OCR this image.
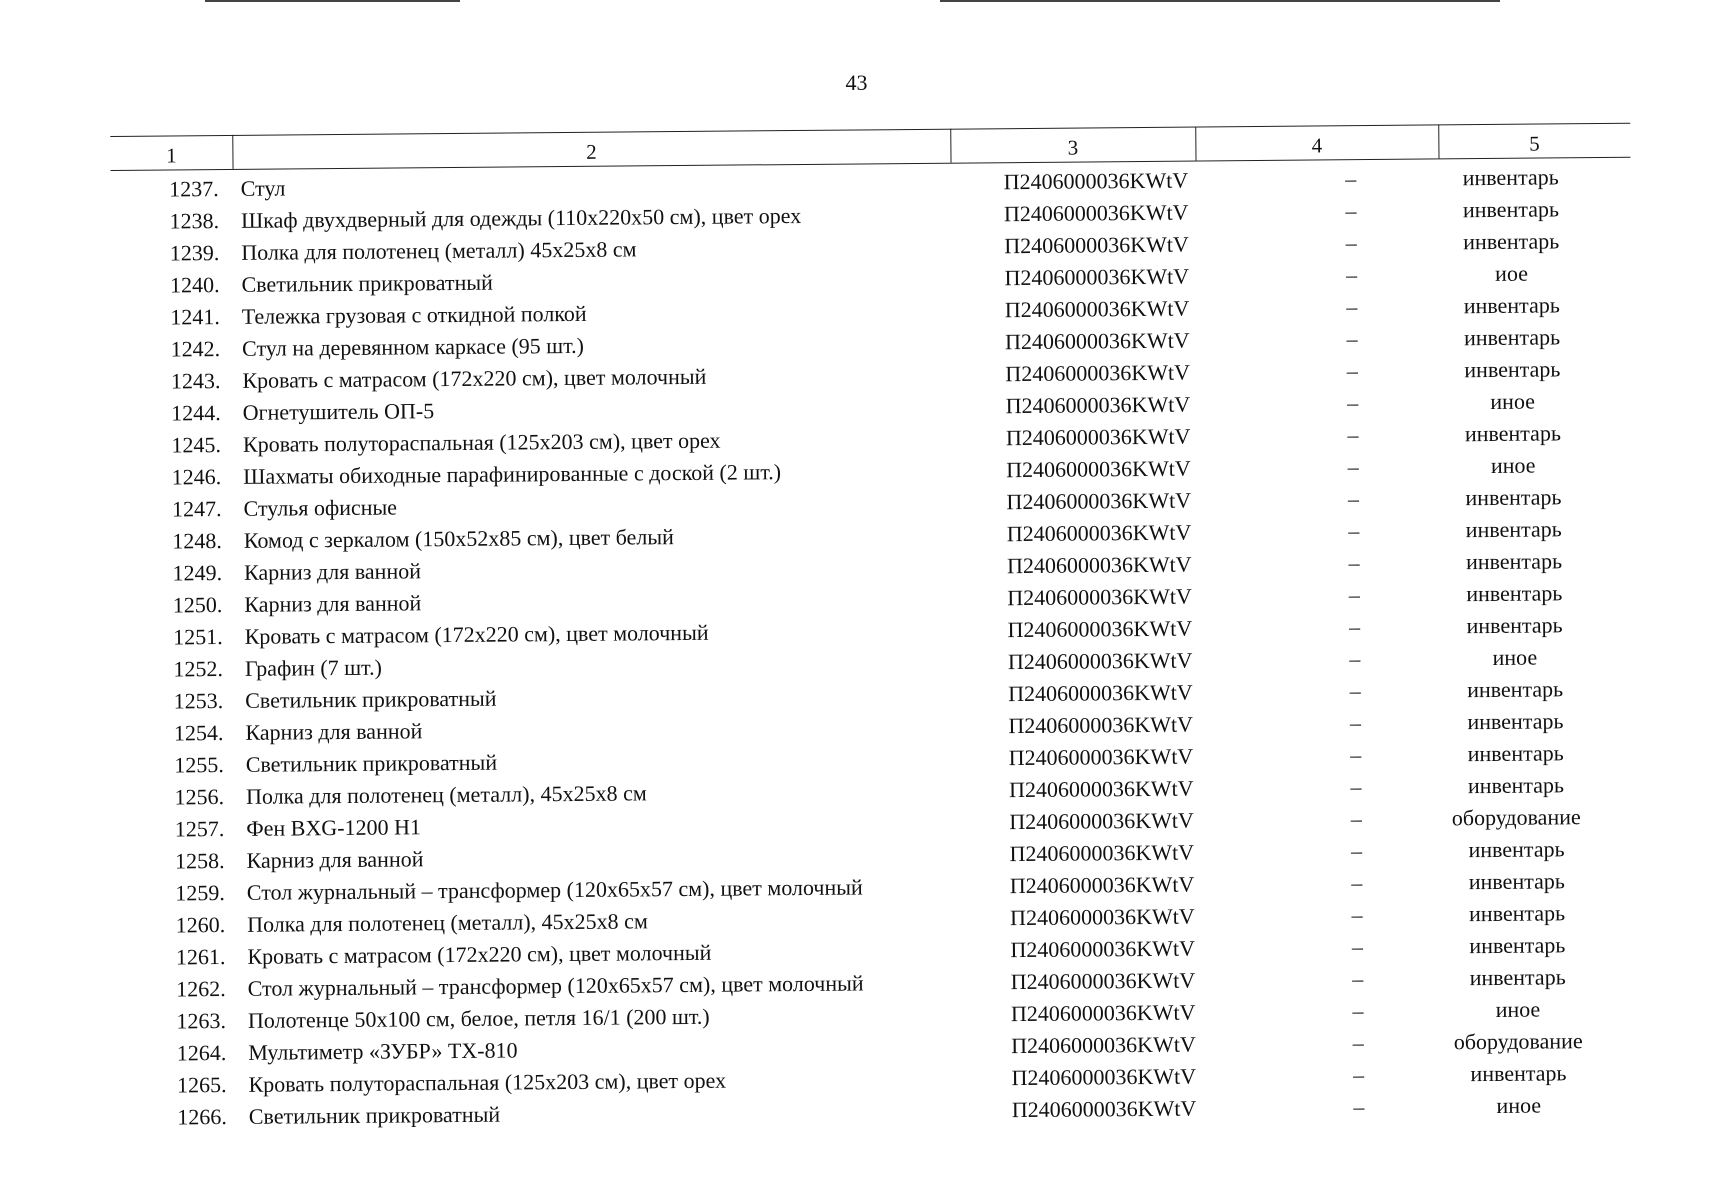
43
1	2	3	4	5
1237. Стул	П2406000036KWtV	–	инвентарь
1238. Шкаф двухдверный для одежды (110х220х50 см), цвет орех	П2406000036KWtV	–	инвентарь
1239. Полка для полотенец (металл) 45х25х8 см	П2406000036KWtV	–	инвентарь
1240. Светильник прикроватный	П2406000036KWtV	–	иое
1241. Тележка грузовая с откидной полкой	П2406000036KWtV	–	инвентарь
1242. Стул на деревянном каркасе (95 шт.)	П2406000036KWtV	–	инвентарь
1243. Кровать с матрасом (172х220 см), цвет молочный	П2406000036KWtV	–	инвентарь
1244. Огнетушитель ОП-5	П2406000036KWtV	–	иное
1245. Кровать полутораспальная (125х203 см), цвет орех	П2406000036KWtV	–	инвентарь
1246. Шахматы обиходные парафинированные с доской (2 шт.)	П2406000036KWtV	–	иное
1247. Стулья офисные	П2406000036KWtV	–	инвентарь
1248. Комод с зеркалом (150х52х85 см), цвет белый	П2406000036KWtV	–	инвентарь
1249. Карниз для ванной	П2406000036KWtV	–	инвентарь
1250. Карниз для ванной	П2406000036KWtV	–	инвентарь
1251. Кровать с матрасом (172х220 см), цвет молочный	П2406000036KWtV	–	инвентарь
1252. Графин (7 шт.)	П2406000036KWtV	–	иное
1253. Светильник прикроватный	П2406000036KWtV	–	инвентарь
1254. Карниз для ванной	П2406000036KWtV	–	инвентарь
1255. Светильник прикроватный	П2406000036KWtV	–	инвентарь
1256. Полка для полотенец (металл), 45х25х8 см	П2406000036KWtV	–	инвентарь
1257. Фен BXG-1200 H1	П2406000036KWtV	–	оборудование
1258. Карниз для ванной	П2406000036KWtV	–	инвентарь
1259. Стол журнальный – трансформер (120х65х57 см), цвет молочный	П2406000036KWtV	–	инвентарь
1260. Полка для полотенец (металл), 45х25х8 см	П2406000036KWtV	–	инвентарь
1261. Кровать с матрасом (172х220 см), цвет молочный	П2406000036KWtV	–	инвентарь
1262. Стол журнальный – трансформер (120х65х57 см), цвет молочный	П2406000036KWtV	–	инвентарь
1263. Полотенце 50х100 см, белое, петля 16/1 (200 шт.)	П2406000036KWtV	–	иное
1264. Мультиметр «ЗУБР» TX-810	П2406000036KWtV	–	оборудование
1265. Кровать полутораспальная (125х203 см), цвет орех	П2406000036KWtV	–	инвентарь
1266. Светильник прикроватный	П2406000036KWtV	–	иное
